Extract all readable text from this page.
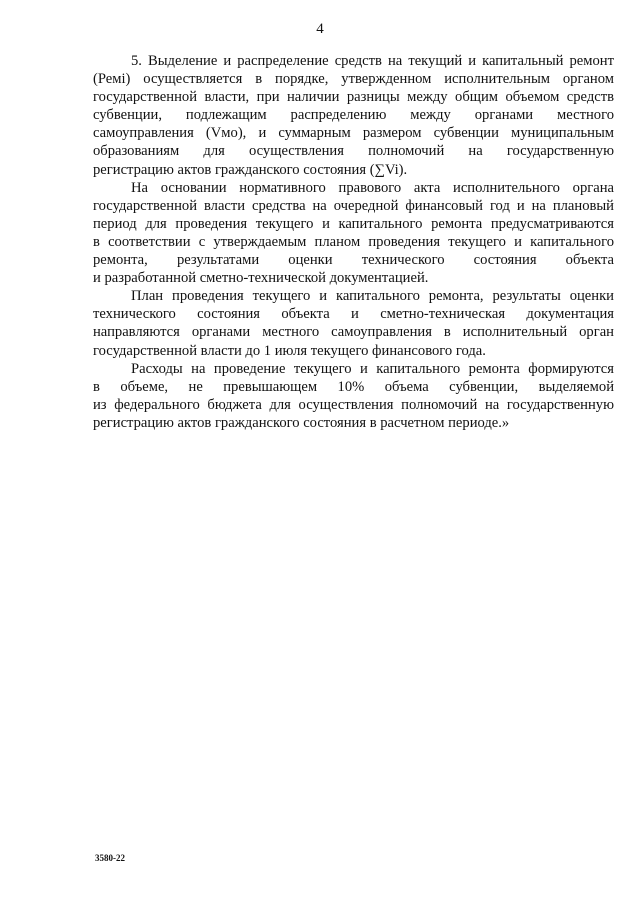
4
5. Выделение и распределение средств на текущий и капитальный ремонт
(Ремi) осуществляется в порядке, утвержденном исполнительным органом
государственной власти, при наличии разницы между общим объемом средств
субвенции, подлежащим распределению между органами местного
самоуправления (Vмо), и суммарным размером субвенции муниципальным
образованиям для осуществления полномочий на государственную
регистрацию актов гражданского состояния (∑Vi).
На основании нормативного правового акта исполнительного органа
государственной власти средства на очередной финансовый год и на плановый
период для проведения текущего и капитального ремонта предусматриваются
в соответствии с утверждаемым планом проведения текущего и капитального
ремонта, результатами оценки технического состояния объекта
и разработанной сметно-технической документацией.
План проведения текущего и капитального ремонта, результаты оценки
технического состояния объекта и сметно-техническая документация
направляются органами местного самоуправления в исполнительный орган
государственной власти до 1 июля текущего финансового года.
Расходы на проведение текущего и капитального ремонта формируются
в объеме, не превышающем 10% объема субвенции, выделяемой
из федерального бюджета для осуществления полномочий на государственную
регистрацию актов гражданского состояния в расчетном периоде.»
3580-22
